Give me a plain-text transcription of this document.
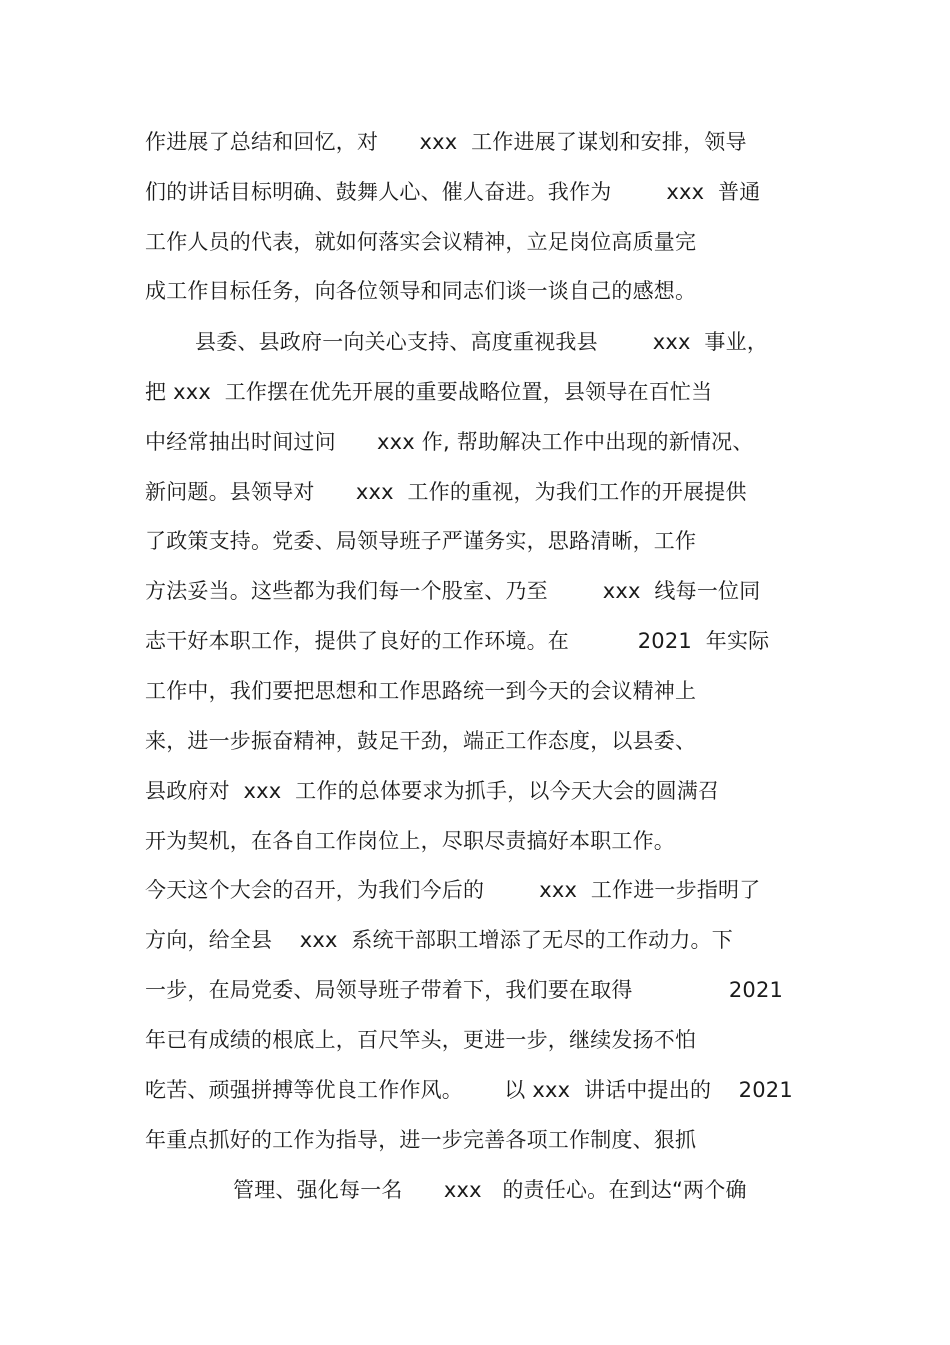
作进展了总结和回忆，对      xxx  工作进展了谋划和安排，领导
们的讲话目标明确、鼓舞人心、催人奋进。我作为        xxx  普通
工作人员的代表，就如何落实会议精神，立足岗位高质量完
成工作目标任务，向各位领导和同志们谈一谈自己的感想。
县委、县政府一向关心支持、高度重视我县        xxx  事业，
把 xxx  工作摆在优先开展的重要战略位置，县领导在百忙当
中经常抽出时间过问      xxx 作, 帮助解决工作中出现的新情况、
新问题。县领导对      xxx  工作的重视，为我们工作的开展提供
了政策支持。党委、局领导班子严谨务实，思路清晰，工作
方法妥当。这些都为我们每一个股室、乃至        xxx  线每一位同
志干好本职工作，提供了良好的工作环境。在          2021  年实际
工作中，我们要把思想和工作思路统一到今天的会议精神上
来，进一步振奋精神，鼓足干劲，端正工作态度，以县委、
县政府对  xxx  工作的总体要求为抓手，以今天大会的圆满召
开为契机，在各自工作岗位上，尽职尽责搞好本职工作。
今天这个大会的召开，为我们今后的        xxx  工作进一步指明了
方向，给全县    xxx  系统干部职工增添了无尽的工作动力。下
一步，在局党委、局领导班子带着下，我们要在取得              2021
年已有成绩的根底上，百尺竿头，更进一步，继续发扬不怕
吃苦、顽强拼搏等优良工作作风。      以 xxx  讲话中提出的    2021
年重点抓好的工作为指导，进一步完善各项工作制度、狠抓
管理、强化每一名      xxx   的责任心。在到达“两个确
